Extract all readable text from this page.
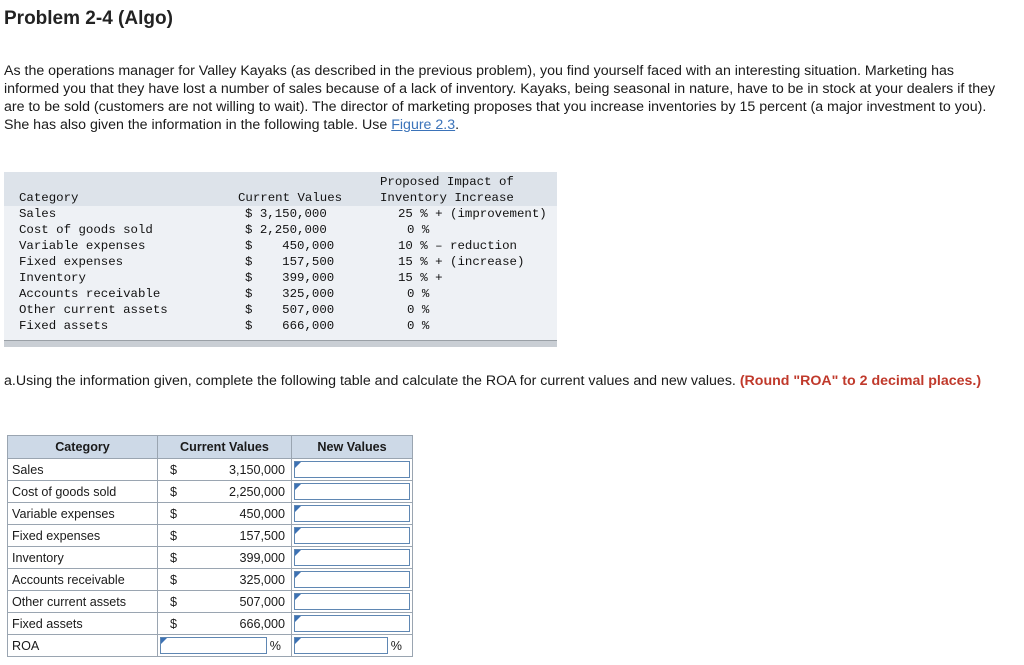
Problem 2-4 (Algo)
As the operations manager for Valley Kayaks (as described in the previous problem), you find yourself faced with an interesting situation. Marketing has informed you that they have lost a number of sales because of a lack of inventory. Kayaks, being seasonal in nature, have to be in stock at your dealers if they are to be sold (customers are not willing to wait). The director of marketing proposes that you increase inventories by 15 percent (a major investment to you). She has also given the information in the following table. Use Figure 2.3.
Proposed Impact of
Inventory Increase
Category	Current Values
Sales	$ 3,150,000	25 % + (improvement)
Cost of goods sold	$ 2,250,000	0 %
Variable expenses	$    450,000	10 % – reduction
Fixed expenses	$    157,500	15 % + (increase)
Inventory	$    399,000	15 % +
Accounts receivable	$    325,000	0 %
Other current assets	$    507,000	0 %
Fixed assets	$    666,000	0 %
a.Using the information given, complete the following table and calculate the ROA for current values and new values. (Round "ROA" to 2 decimal places.)
Category	Current Values		New Values
Sales	$	3,150,000	

Cost of goods sold	$	2,250,000	

Variable expenses	$	450,000	

Fixed expenses	$	157,500	

Inventory	$	399,000	

Accounts receivable	$	325,000	

Other current assets	$	507,000	

Fixed assets	$	666,000	

ROA	%		%
